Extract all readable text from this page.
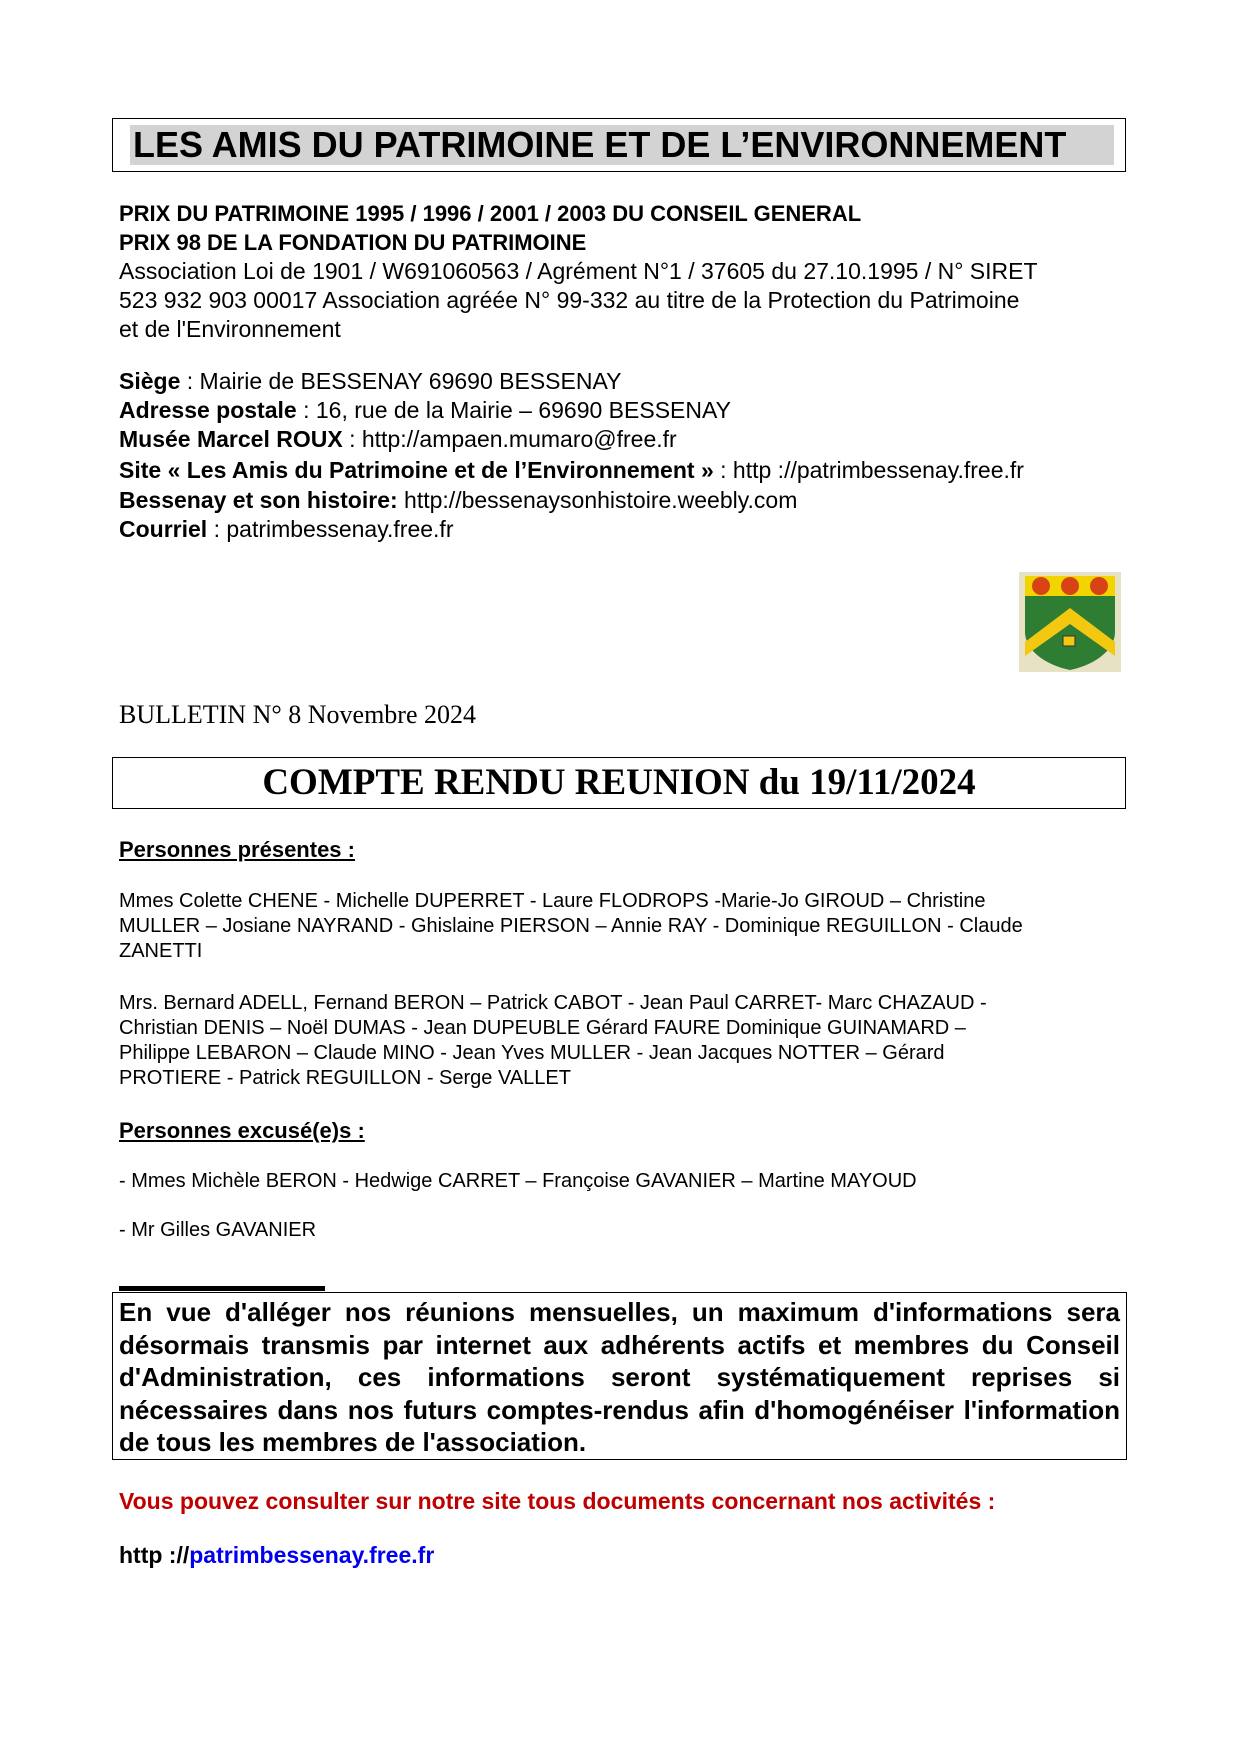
LES AMIS DU PATRIMOINE ET DE L’ENVIRONNEMENT
PRIX DU PATRIMOINE 1995 / 1996 / 2001 / 2003 DU CONSEIL GENERAL
PRIX 98 DE LA FONDATION DU PATRIMOINE
Association Loi de 1901 / W691060563 / Agrément N°1 / 37605 du 27.10.1995 / N° SIRET
523 932 903 00017 Association agréée N° 99-332 au titre de la Protection du Patrimoine
et de l'Environnement
Siège : Mairie de BESSENAY 69690 BESSENAY
Adresse postale : 16, rue de la Mairie – 69690 BESSENAY
Musée Marcel ROUX : http://ampaen.mumaro@free.fr
Site « Les Amis du Patrimoine et de l’Environnement » : http ://patrimbessenay.free.fr
Bessenay et son histoire: http://bessenaysonhistoire.weebly.com
Courriel : patrimbessenay.free.fr
BULLETIN N° 8 Novembre 2024
COMPTE RENDU REUNION du 19/11/2024
Personnes présentes :
Mmes Colette CHENE - Michelle DUPERRET - Laure FLODROPS -Marie-Jo GIROUD – Christine
MULLER – Josiane NAYRAND - Ghislaine PIERSON – Annie RAY - Dominique REGUILLON - Claude
ZANETTI
Mrs. Bernard ADELL, Fernand BERON – Patrick CABOT - Jean Paul CARRET- Marc CHAZAUD -
Christian DENIS – Noël DUMAS - Jean DUPEUBLE Gérard FAURE Dominique GUINAMARD –
Philippe LEBARON – Claude MINO - Jean Yves MULLER - Jean Jacques NOTTER – Gérard
PROTIERE - Patrick REGUILLON - Serge VALLET
Personnes excusé(e)s :
- Mmes Michèle BERON - Hedwige CARRET – Françoise GAVANIER – Martine MAYOUD
- Mr Gilles GAVANIER

En vue d'alléger nos réunions mensuelles, un maximum d'informations sera désormais transmis par internet aux adhérents actifs et membres du Conseil d'Administration, ces informations seront systématiquement reprises si nécessaires dans nos futurs comptes-rendus afin d'homogénéiser l'information de tous les membres de l'association.

Vous pouvez consulter sur notre site tous documents concernant nos activités :
http ://patrimbessenay.free.fr
